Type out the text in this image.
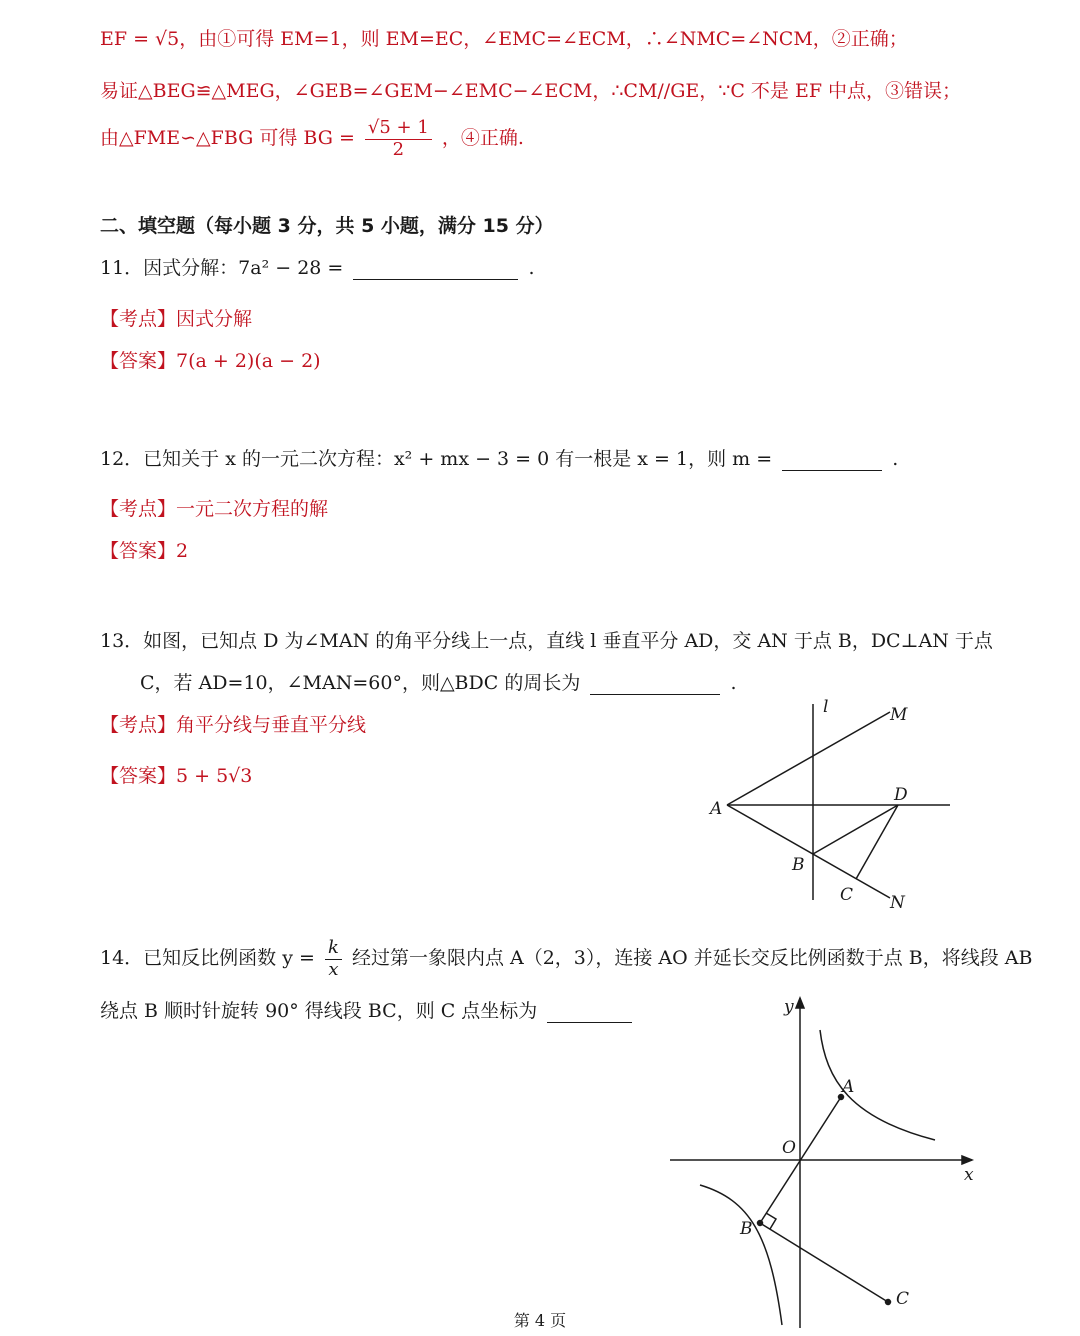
EF = √5，由①可得 EM=1，则 EM=EC，∠EMC=∠ECM，∴∠NMC=∠NCM，②正确；
易证△BEG≌△MEG，∠GEB=∠GEM−∠EMC−∠ECM，∴CM//GE，∵C 不是 EF 中点，③错误；
由△FME∽△FBG 可得 BG = $\frac{√5 + 1}{2}$ ，④正确.
二、填空题（每小题 3 分，共 5 小题，满分 15 分）
11．因式分解：7a² − 28 =	.
【考点】因式分解
【答案】7(a + 2)(a − 2)
12．已知关于 x 的一元二次方程：x² + mx − 3 = 0 有一根是 x = 1，则 m =	.
【考点】一元二次方程的解
【答案】2
13．如图，已知点 D 为∠MAN 的角平分线上一点，直线 l 垂直平分 AD，交 AN 于点 B，DC⊥AN 于点
C，若 AD=10，∠MAN=60°，则△BDC 的周长为	.
【考点】角平分线与垂直平分线
【答案】5 + 5√3
l	M
A
D
B
C N
14．已知反比例函数 $y = \frac{k}{x}$ 经过第一象限内点 A（2，3），连接 AO 并延长交反比例函数于点 B，将线段 AB
绕点 B 顺时针旋转 90° 得线段 BC，则 C 点坐标为	y
x
O
A
B
C
第 4 页
